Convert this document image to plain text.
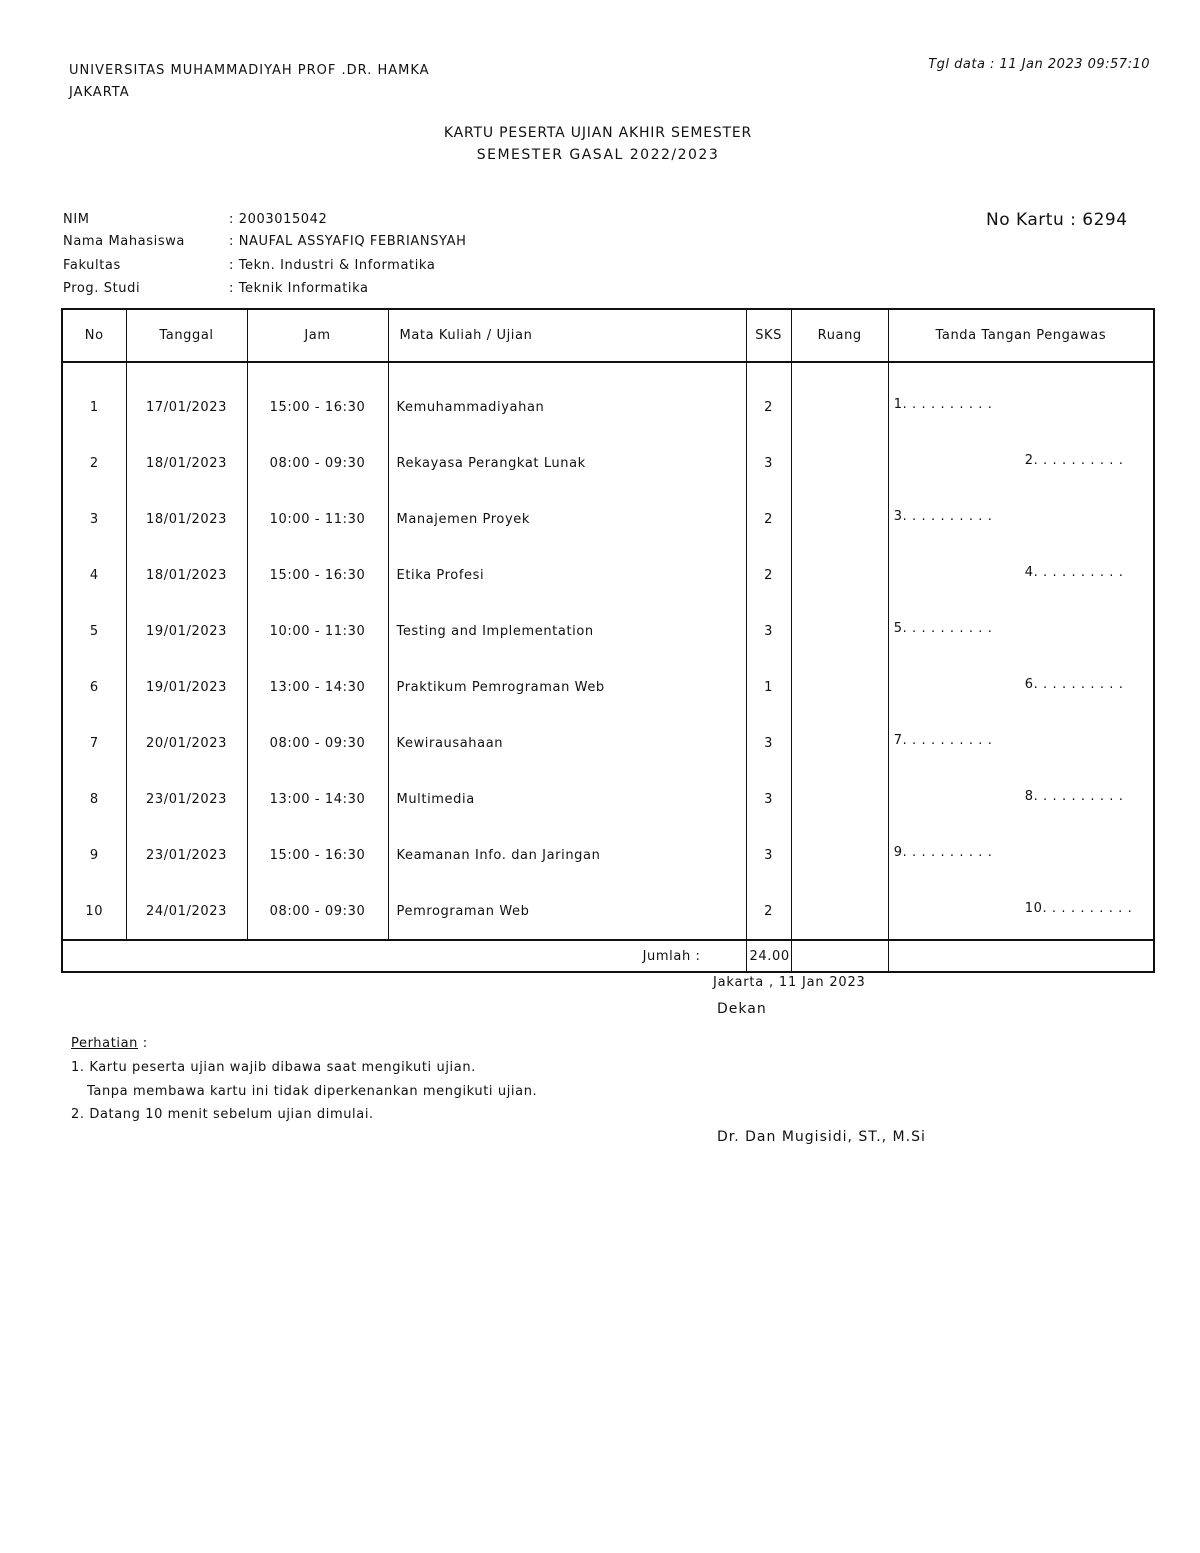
UNIVERSITAS MUHAMMADIYAH PROF .DR. HAMKA
JAKARTA
Tgl data : 11 Jan 2023 09:57:10
KARTU PESERTA UJIAN AKHIR SEMESTER
SEMESTER GASAL 2022/2023
NIM	: 2003015042
Nama Mahasiswa	: NAUFAL ASSYAFIQ FEBRIANSYAH
Fakultas	: Tekn. Industri & Informatika
Prog. Studi	: Teknik Informatika
No Kartu : 6294
No	Tanggal	Jam	Mata Kuliah / Ujian	SKS	Ruang	Tanda Tangan Pengawas

1	17/01/2023	15:00 - 16:30	Kemuhammadiyahan	2		1. . . . . . . . . .

2	18/01/2023	08:00 - 09:30	Rekayasa Perangkat Lunak	3		2. . . . . . . . . .

3	18/01/2023	10:00 - 11:30	Manajemen Proyek	2		3. . . . . . . . . .

4	18/01/2023	15:00 - 16:30	Etika Profesi	2		4. . . . . . . . . .

5	19/01/2023	10:00 - 11:30	Testing and Implementation	3		5. . . . . . . . . .

6	19/01/2023	13:00 - 14:30	Praktikum Pemrograman Web	1		6. . . . . . . . . .

7	20/01/2023	08:00 - 09:30	Kewirausahaan	3		7. . . . . . . . . .

8	23/01/2023	13:00 - 14:30	Multimedia	3		8. . . . . . . . . .

9	23/01/2023	15:00 - 16:30	Keamanan Info. dan Jaringan	3		9. . . . . . . . . .

10	24/01/2023	08:00 - 09:30	Pemrograman Web	2		10. . . . . . . . . .

Jumlah :				24.00		
Jakarta , 11 Jan 2023
Dekan
Dr. Dan Mugisidi, ST., M.Si
Perhatian :
1. Kartu peserta ujian wajib dibawa saat mengikuti ujian.
Tanpa membawa kartu ini tidak diperkenankan mengikuti ujian.
2. Datang 10 menit sebelum ujian dimulai.
